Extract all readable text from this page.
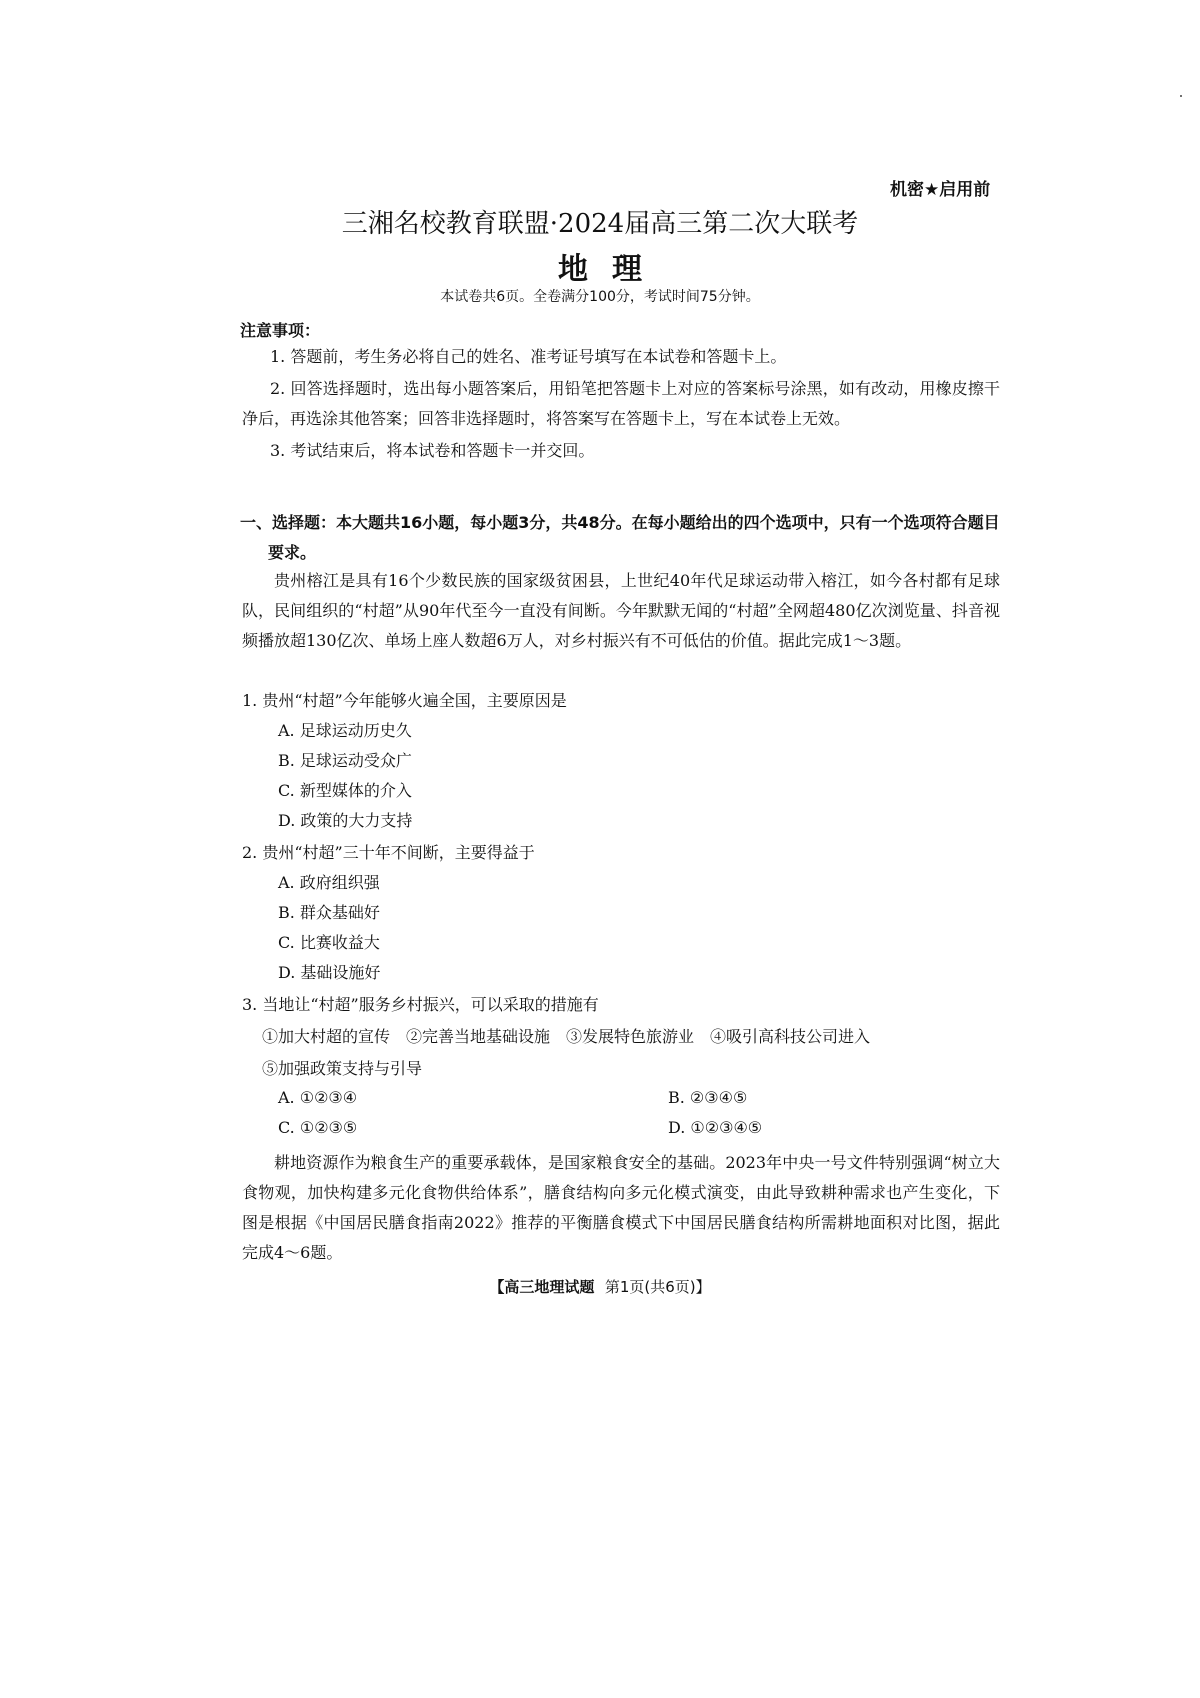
机密★启用前
三湘名校教育联盟·2024届高三第二次大联考
地理
本试卷共6页。全卷满分100分，考试时间75分钟。
注意事项：
1. 答题前，考生务必将自己的姓名、准考证号填写在本试卷和答题卡上。
2. 回答选择题时，选出每小题答案后，用铅笔把答题卡上对应的答案标号涂黑，如有改动，用橡皮擦干净后，再选涂其他答案；回答非选择题时，将答案写在答题卡上，写在本试卷上无效。
3. 考试结束后，将本试卷和答题卡一并交回。
一、选择题：本大题共16小题，每小题3分，共48分。在每小题给出的四个选项中，只有一个选项符合题目要求。
贵州榕江是具有16个少数民族的国家级贫困县，上世纪40年代足球运动带入榕江，如今各村都有足球队，民间组织的“村超”从90年代至今一直没有间断。今年默默无闻的“村超”全网超480亿次浏览量、抖音视频播放超130亿次、单场上座人数超6万人，对乡村振兴有不可低估的价值。据此完成1～3题。
1. 贵州“村超”今年能够火遍全国，主要原因是
A. 足球运动历史久
B. 足球运动受众广
C. 新型媒体的介入
D. 政策的大力支持
2. 贵州“村超”三十年不间断，主要得益于
A. 政府组织强
B. 群众基础好
C. 比赛收益大
D. 基础设施好
3. 当地让“村超”服务乡村振兴，可以采取的措施有
①加大村超的宣传　②完善当地基础设施　③发展特色旅游业　④吸引高科技公司进入
⑤加强政策支持与引导
A. ①②③④	B. ②③④⑤
C. ①②③⑤	D. ①②③④⑤
耕地资源作为粮食生产的重要承载体，是国家粮食安全的基础。2023年中央一号文件特别强调“树立大食物观，加快构建多元化食物供给体系”，膳食结构向多元化模式演变，由此导致耕种需求也产生变化，下图是根据《中国居民膳食指南2022》推荐的平衡膳食模式下中国居民膳食结构所需耕地面积对比图，据此完成4～6题。
【高三地理试题 第1页(共6页)】
